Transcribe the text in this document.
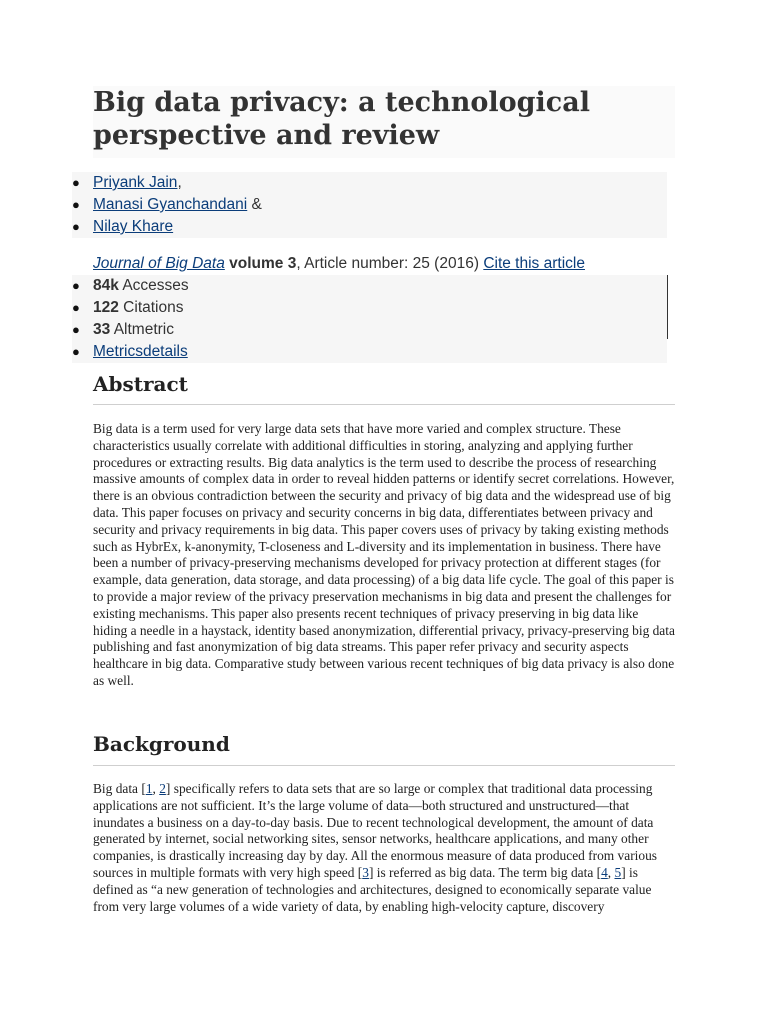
Big data privacy: a technological perspective and review
● Priyank Jain,
● Manasi Gyanchandani &
● Nilay Khare
Journal of Big Data volume 3, Article number: 25 (2016) Cite this article
● 84k Accesses
● 122 Citations
● 33 Altmetric
● Metricsdetails
Abstract

Big data is a term used for very large data sets that have more varied and complex structure. These characteristics usually correlate with additional difficulties in storing, analyzing and applying further procedures or extracting results. Big data analytics is the term used to describe the process of researching massive amounts of complex data in order to reveal hidden patterns or identify secret correlations. However, there is an obvious contradiction between the security and privacy of big data and the widespread use of big data. This paper focuses on privacy and security concerns in big data, differentiates between privacy and security and privacy requirements in big data. This paper covers uses of privacy by taking existing methods such as HybrEx, k-anonymity, T-closeness and L-diversity and its implementation in business. There have been a number of privacy-preserving mechanisms developed for privacy protection at different stages (for example, data generation, data storage, and data processing) of a big data life cycle. The goal of this paper is to provide a major review of the privacy preservation mechanisms in big data and present the challenges for existing mechanisms. This paper also presents recent techniques of privacy preserving in big data like hiding a needle in a haystack, identity based anonymization, differential privacy, privacy-preserving big data publishing and fast anonymization of big data streams. This paper refer privacy and security aspects healthcare in big data. Comparative study between various recent techniques of big data privacy is also done as well.

Background

Big data [1, 2] specifically refers to data sets that are so large or complex that traditional data processing applications are not sufficient. It’s the large volume of data—both structured and unstructured—that inundates a business on a day-to-day basis. Due to recent technological development, the amount of data generated by internet, social networking sites, sensor networks, healthcare applications, and many other companies, is drastically increasing day by day. All the enormous measure of data produced from various sources in multiple formats with very high speed [3] is referred as big data. The term big data [4, 5] is defined as “a new generation of technologies and architectures, designed to economically separate value from very large volumes of a wide variety of data, by enabling high-velocity capture, discovery
